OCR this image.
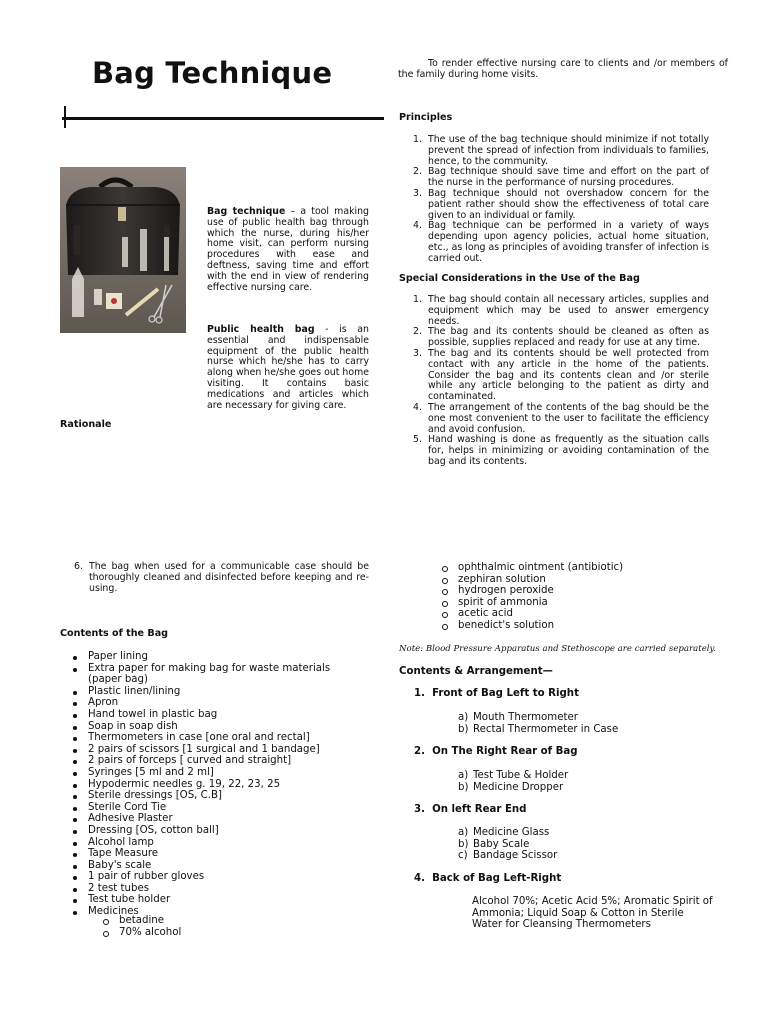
Bag Technique	To render effective nursing care to clients and /or members of the family during home visits.
Bag technique – a tool making use of public health bag through which the nurse, during his/her home visit, can perform nursing procedures with ease and deftness, saving time and effort with the end in view of rendering effective nursing care.
Public health bag - is an essential and indispensable equipment of the public health nurse which he/she has to carry along when he/she goes out home visiting. It contains basic medications and articles which are necessary for giving care.
Rationale
Principles
1. The use of the bag technique should minimize if not totally prevent the spread of infection from individuals to families, hence, to the community.
2. Bag technique should save time and effort on the part of the nurse in the performance of nursing procedures.
3. Bag technique should not overshadow concern for the patient rather should show the effectiveness of total care given to an individual or family.
4. Bag technique can be performed in a variety of ways depending upon agency policies, actual home situation, etc., as long as principles of avoiding transfer of infection is carried out.
Special Considerations in the Use of the Bag
1. The bag should contain all necessary articles, supplies and equipment which may be used to answer emergency needs.
2. The bag and its contents should be cleaned as often as possible, supplies replaced and ready for use at any time.
3. The bag and its contents should be well protected from contact with any article in the home of the patients. Consider the bag and its contents clean and /or sterile while any article belonging to the patient as dirty and contaminated.
4. The arrangement of the contents of the bag should be the one most convenient to the user to facilitate the efficiency and avoid confusion.
5. Hand washing is done as frequently as the situation calls for, helps in minimizing or avoiding contamination of the bag and its contents.
6. The bag when used for a communicable case should be thoroughly cleaned and disinfected before keeping and re-using.
Contents of the Bag
Paper lining
Extra paper for making bag for waste materials (paper bag)
Plastic linen/lining
Apron
Hand towel in plastic bag
Soap in soap dish
Thermometers in case [one oral and rectal]
2 pairs of scissors [1 surgical and 1 bandage]
2 pairs of forceps [ curved and straight]
Syringes [5 ml and 2 ml]
Hypodermic needles g. 19, 22, 23, 25
Sterile dressings [OS, C.B]
Sterile Cord Tie
Adhesive Plaster
Dressing [OS, cotton ball]
Alcohol lamp
Tape Measure
Baby's scale
1 pair of rubber gloves
2 test tubes
Test tube holder
Medicines
betadine
70% alcohol
ophthalmic ointment (antibiotic)
zephiran solution
hydrogen peroxide
spirit of ammonia
acetic acid
benedict's solution
Note: Blood Pressure Apparatus and Stethoscope are carried separately.
Contents & Arrangement—
1. Front of Bag Left to Right
a) Mouth Thermometer
b) Rectal Thermometer in Case
2. On The Right Rear of Bag
a) Test Tube & Holder
b) Medicine Dropper
3. On left Rear End
a) Medicine Glass
b) Baby Scale
c) Bandage Scissor
4. Back of Bag Left-Right
Alcohol 70%; Acetic Acid 5%; Aromatic Spirit of Ammonia; Liquid Soap & Cotton in Sterile Water for Cleansing Thermometers
